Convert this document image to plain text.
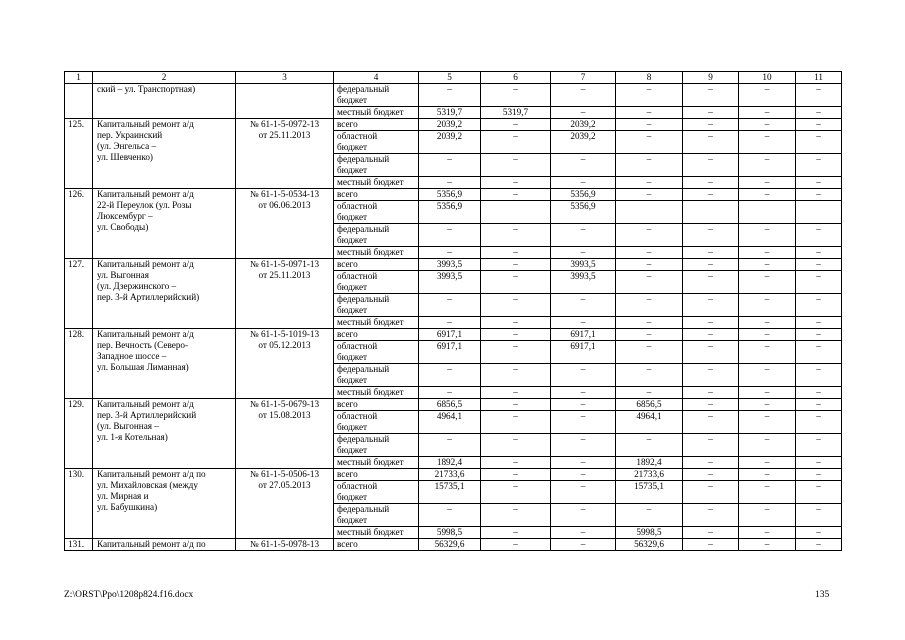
1	2	3	4	5	6	7	8	9	10	11
	ский – ул. Транспортная)		федеральный
бюджет	–	–	–	–	–	–	–
			местный бюджет	5319,7	5319,7	–	–	–	–	–
125.	Капитальный ремонт а/д
пер. Украинский
(ул. Энгельса –
ул. Шевченко)	№ 61-1-5-0972-13
от 25.11.2013	всего	2039,2	–	2039,2	–	–	–	–
			областной
бюджет	2039,2	–	2039,2	–	–	–	–
			федеральный
бюджет	–	–	–	–	–	–	–
			местный бюджет	–	–	–	–	–	–	–
126.	Капитальный ремонт а/д
22-й Переулок (ул. Розы
Люксембург –
ул. Свободы)	№ 61-1-5-0534-13
от 06.06.2013	всего	5356,9	–	5356,9	–	–	–	–
			областной
бюджет	5356,9		5356,9				
			федеральный
бюджет	–	–	–	–	–	–	–
			местный бюджет	–	–	–	–	–	–	–
127.	Капитальный ремонт а/д
ул. Выгонная
(ул. Дзержинского –
пер. 3-й Артиллерийский)	№ 61-1-5-0971-13
от 25.11.2013	всего	3993,5	–	3993,5	–	–	–	–
			областной
бюджет	3993,5	–	3993,5	–	–	–	–
			федеральный
бюджет	–	–	–	–	–	–	–
			местный бюджет	–	–	–	–	–	–	–
128.	Капитальный ремонт а/д
пер. Вечность (Северо-
Западное шоссе –
ул. Большая Лиманная)	№ 61-1-5-1019-13
от 05.12.2013	всего	6917,1	–	6917,1	–	–	–	–
			областной
бюджет	6917,1	–	6917,1	–	–	–	–
			федеральный
бюджет	–	–	–	–	–	–	–
			местный бюджет	–	–	–	–	–	–	–
129.	Капитальный ремонт а/д
пер. 3-й Артиллерийский
(ул. Выгонная –
ул. 1-я Котельная)	№ 61-1-5-0679-13
от 15.08.2013	всего	6856,5	–	–	6856,5	–	–	–
			областной
бюджет	4964,1	–	–	4964,1	–	–	–
			федеральный
бюджет	–	–	–	–	–	–	–
			местный бюджет	1892,4	–	–	1892,4	–	–	–
130.	Капитальный ремонт а/д по
ул. Михайловская (между
ул. Мирная и
ул. Бабушкина)	№ 61-1-5-0506-13
от 27.05.2013	всего	21733,6	–	–	21733,6	–	–	–
			областной
бюджет	15735,1	–	–	15735,1	–	–	–
			федеральный
бюджет	–	–	–	–	–	–	–
			местный бюджет	5998,5	–	–	5998,5	–	–	–
131.	Капитальный ремонт а/д по	№ 61-1-5-0978-13	всего	56329,6	–	–	56329,6	–	–	–
Z:\ORST\Ppo\1208p824.f16.docx	135
